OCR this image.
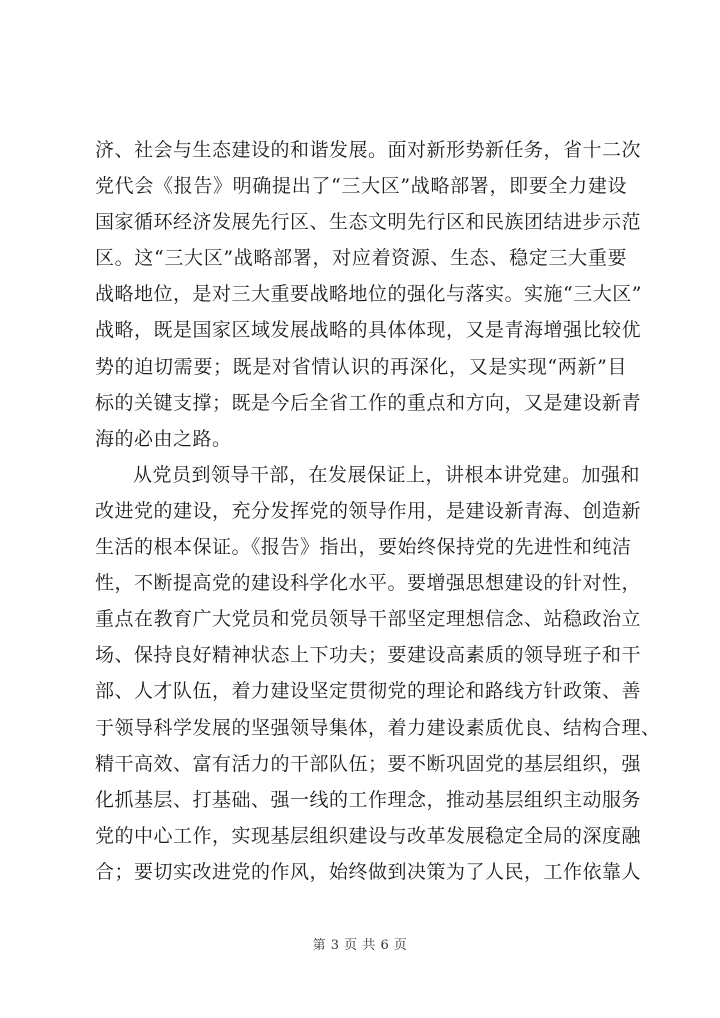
济、社会与生态建设的和谐发展。面对新形势新任务，省十二次
党代会《报告》明确提出了“三大区”战略部署，即要全力建设
国家循环经济发展先行区、生态文明先行区和民族团结进步示范
区。这“三大区”战略部署，对应着资源、生态、稳定三大重要
战略地位，是对三大重要战略地位的强化与落实。实施“三大区”
战略，既是国家区域发展战略的具体体现，又是青海增强比较优
势的迫切需要；既是对省情认识的再深化，又是实现“两新”目
标的关键支撑；既是今后全省工作的重点和方向，又是建设新青
海的必由之路。
从党员到领导干部，在发展保证上，讲根本讲党建。加强和
改进党的建设，充分发挥党的领导作用，是建设新青海、创造新
生活的根本保证。《报告》指出，要始终保持党的先进性和纯洁
性，不断提高党的建设科学化水平。要增强思想建设的针对性，
重点在教育广大党员和党员领导干部坚定理想信念、站稳政治立
场、保持良好精神状态上下功夫；要建设高素质的领导班子和干
部、人才队伍，着力建设坚定贯彻党的理论和路线方针政策、善
于领导科学发展的坚强领导集体，着力建设素质优良、结构合理、
精干高效、富有活力的干部队伍；要不断巩固党的基层组织，强
化抓基层、打基础、强一线的工作理念，推动基层组织主动服务
党的中心工作，实现基层组织建设与改革发展稳定全局的深度融
合；要切实改进党的作风，始终做到决策为了人民，工作依靠人
第 3 页 共 6 页
